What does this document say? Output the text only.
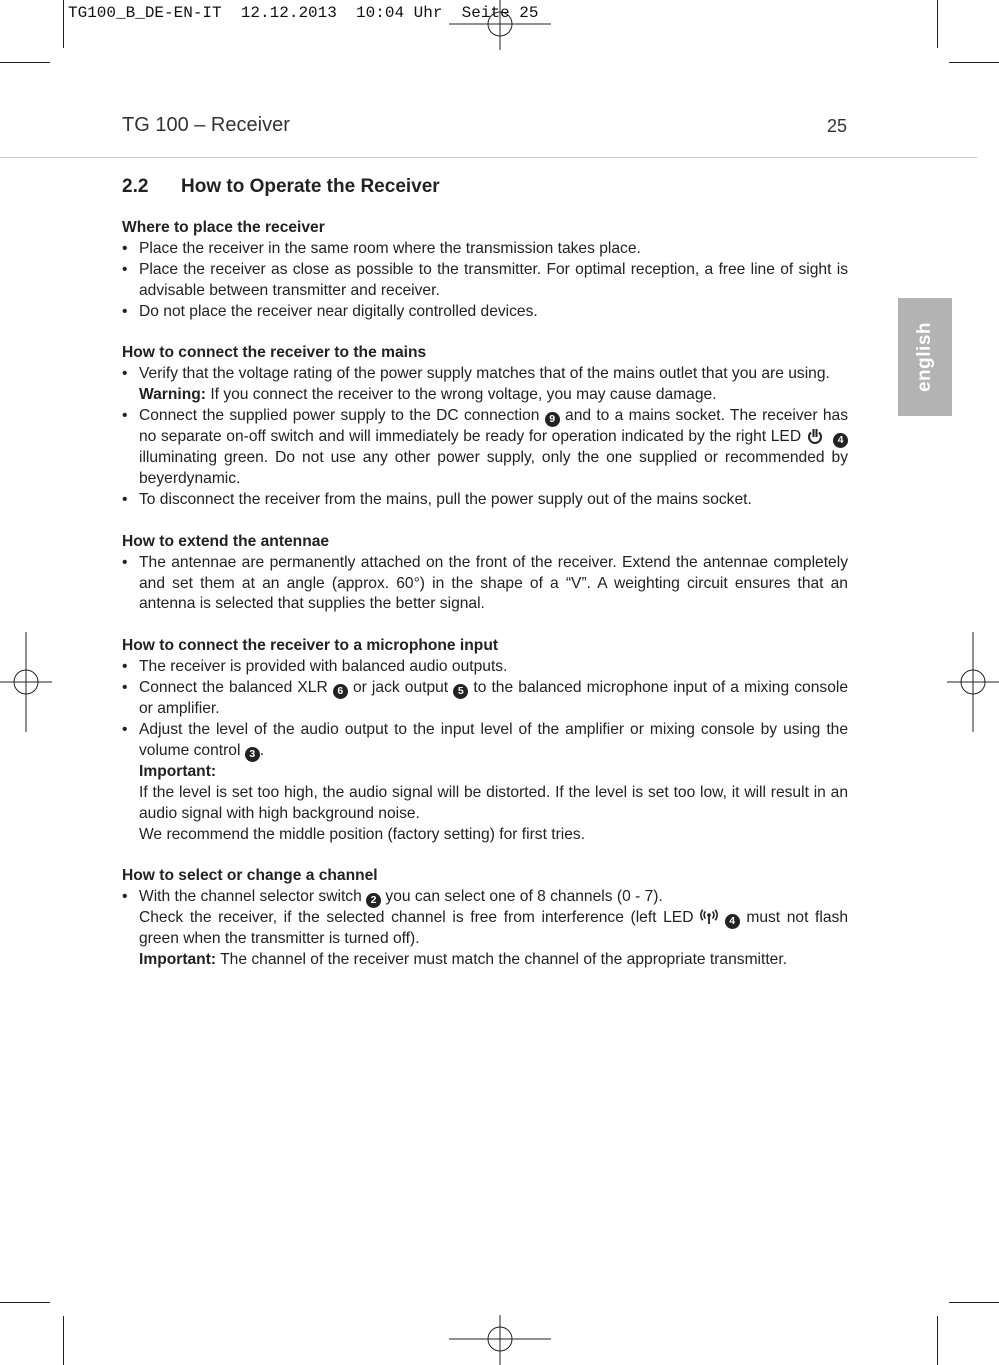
TG100_B_DE-EN-IT  12.12.2013  10:04 Uhr  Seite 25
TG 100 – Receiver	25
2.2 How to Operate the Receiver
english
Where to place the receiver
• Place the receiver in the same room where the transmission takes place.
• Place the receiver as close as possible to the transmitter. For optimal reception, a free line of sight is advisable between transmitter and receiver.
• Do not place the receiver near digitally controlled devices.
How to connect the receiver to the mains
• Verify that the voltage rating of the power supply matches that of the mains outlet that you are using.
Warning: If you connect the receiver to the wrong voltage, you may cause damage.
• Connect the supplied power supply to the DC connection 9 and to a mains socket. The receiver has no separate on-off switch and will immediately be ready for operation indicated by the right LED	4 illuminating green. Do not use any other power supply, only the one supplied or recommended by beyerdynamic.
• To disconnect the receiver from the mains, pull the power supply out of the mains socket.
How to extend the antennae
• The antennae are permanently attached on the front of the receiver. Extend the antennae completely and set them at an angle (approx. 60°) in the shape of a “V”. A weighting circuit ensures that an antenna is selected that supplies the better signal.
How to connect the receiver to a microphone input
• The receiver is provided with balanced audio outputs.
• Connect the balanced XLR 6 or jack output 5 to the balanced microphone input of a mixing console or amplifier.
• Adjust the level of the audio output to the input level of the amplifier or mixing console by using the volume control 3 .

Important:

If the level is set too high, the audio signal will be distorted. If the level is set too low, it will result in an audio signal with high background noise.

We recommend the middle position (factory setting) for first tries.

How to select or change a channel
• With the channel selector switch 2 you can select one of 8 channels (0 - 7).

Check the receiver, if the selected channel is free from interference (left LED	4 must not flash green when the transmitter is turned off).

Important: The channel of the receiver must match the channel of the appropriate transmitter.
